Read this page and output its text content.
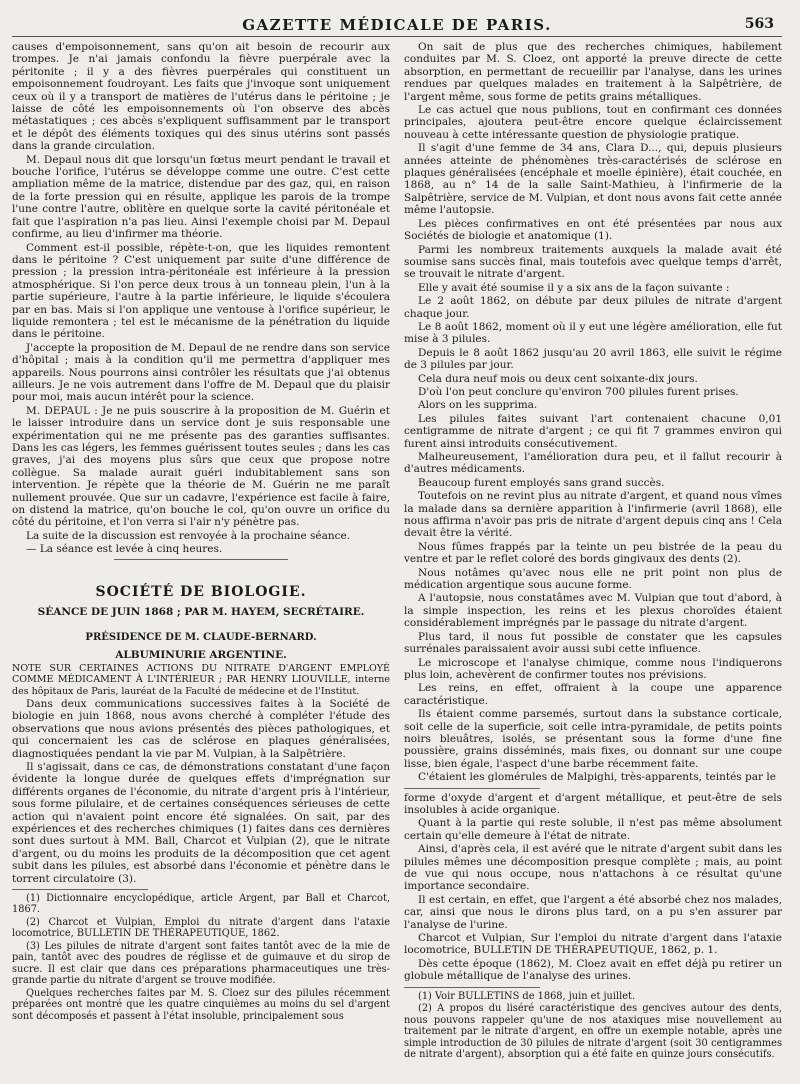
GAZETTE MÉDICALE DE PARIS.	563

causes d'empoisonnement, sans qu'on ait besoin de recourir aux trompes. Je n'ai jamais confondu la fièvre puerpérale avec la péritonite ; il y a des fièvres puerpérales qui constituent un empoisonnement foudroyant. Les faits que j'invoque sont uniquement ceux où il y a transport de matières de l'utérus dans le péritoine ; je laisse de côté les empoisonnements où l'on observe des abcès métastatiques ; ces abcès s'expliquent suffisamment par le transport et le dépôt des éléments toxiques qui des sinus utérins sont passés dans la grande circulation.

M. Depaul nous dit que lorsqu'un fœtus meurt pendant le travail et bouche l'orifice, l'utérus se développe comme une outre. C'est cette ampliation même de la matrice, distendue par des gaz, qui, en raison de la forte pression qui en résulte, applique les parois de la trompe l'une contre l'autre, oblitère en quelque sorte la cavité péritonéale et fait que l'aspiration n'a pas lieu. Ainsi l'exemple choisi par M. Depaul confirme, au lieu d'infirmer ma théorie.

Comment est-il possible, répète-t-on, que les liquides remontent dans le péritoine ? C'est uniquement par suite d'une différence de pression ; la pression intra-péritonéale est inférieure à la pression atmosphérique. Si l'on perce deux trous à un tonneau plein, l'un à la partie supérieure, l'autre à la partie inférieure, le liquide s'écoulera par en bas. Mais si l'on applique une ventouse à l'orifice supérieur, le liquide remontera ; tel est le mécanisme de la pénétration du liquide dans le péritoine.

J'accepte la proposition de M. Depaul de ne rendre dans son service d'hôpital ; mais à la condition qu'il me permettra d'appliquer mes appareils. Nous pourrons ainsi contrôler les résultats que j'ai obtenus ailleurs. Je ne vois autrement dans l'offre de M. Depaul que du plaisir pour moi, mais aucun intérêt pour la science.

M. DEPAUL : Je ne puis souscrire à la proposition de M. Guérin et le laisser introduire dans un service dont je suis responsable une expérimentation qui ne me présente pas des garanties suffisantes. Dans les cas légers, les femmes guérissent toutes seules ; dans les cas graves, j'ai des moyens plus sûrs que ceux que propose notre collègue. Sa malade aurait guéri indubitablement sans son intervention. Je répète que la théorie de M. Guérin ne me paraît nullement prouvée. Que sur un cadavre, l'expérience est facile à faire, on distend la matrice, qu'on bouche le col, qu'on ouvre un orifice du côté du péritoine, et l'on verra si l'air n'y pénètre pas.

La suite de la discussion est renvoyée à la prochaine séance.

— La séance est levée à cinq heures.

SOCIÉTÉ DE BIOLOGIE.
SÉANCE DE JUIN 1868 ; PAR M. HAYEM, SECRÉTAIRE.
PRÉSIDENCE DE M. CLAUDE-BERNARD.
ALBUMINURIE ARGENTINE.

NOTE SUR CERTAINES ACTIONS DU NITRATE D'ARGENT EMPLOYÉ COMME MÉDICAMENT À L'INTÉRIEUR ; PAR HENRY LIOUVILLE, interne des hôpitaux de Paris, lauréat de la Faculté de médecine et de l'Institut.

Dans deux communications successives faites à la Société de biologie en juin 1868, nous avons cherché à compléter l'étude des observations que nous avions présentés des pièces pathologiques, et qui concernaient les cas de sclérose en plaques généralisées, diagnostiquées pendant la vie par M. Vulpian, à la Salpêtrière.

Il s'agissait, dans ce cas, de démonstrations constatant d'une façon évidente la longue durée de quelques effets d'imprégnation sur différents organes de l'économie, du nitrate d'argent pris à l'intérieur, sous forme pilulaire, et de certaines conséquences sérieuses de cette action qui n'avaient point encore été signalées. On sait, par des expériences et des recherches chimiques (1) faites dans ces dernières sont dues surtout à MM. Ball, Charcot et Vulpian (2), que le nitrate d'argent, ou du moins les produits de la décomposition que cet agent subit dans les pilules, est absorbé dans l'économie et pénètre dans le torrent circulatoire (3).

(1) Dictionnaire encyclopédique, article Argent, par Ball et Charcot, 1867.

(2) Charcot et Vulpian, Emploi du nitrate d'argent dans l'ataxie locomotrice, BULLETIN DE THÉRAPEUTIQUE, 1862.

(3) Les pilules de nitrate d'argent sont faites tantôt avec de la mie de pain, tantôt avec des poudres de réglisse et de guimauve et du sirop de sucre. Il est clair que dans ces préparations pharmaceutiques une très-grande partie du nitrate d'argent se trouve modifiée.

Quelques recherches faites par M. S. Cloez sur des pilules récemment préparées ont montré que les quatre cinquièmes au moins du sel d'argent sont décomposés et passent à l'état insoluble, principalement sous

On sait de plus que des recherches chimiques, habilement conduites par M. S. Cloez, ont apporté la preuve directe de cette absorption, en permettant de recueillir par l'analyse, dans les urines rendues par quelques malades en traitement à la Salpêtrière, de l'argent même, sous forme de petits grains métalliques.

Le cas actuel que nous publions, tout en confirmant ces données principales, ajoutera peut-être encore quelque éclaircissement nouveau à cette intéressante question de physiologie pratique.

Il s'agit d'une femme de 34 ans, Clara D..., qui, depuis plusieurs années atteinte de phénomènes très-caractérisés de sclérose en plaques généralisées (encéphale et moelle épinière), était couchée, en 1868, au n° 14 de la salle Saint-Mathieu, à l'infirmerie de la Salpêtrière, service de M. Vulpian, et dont nous avons fait cette année même l'autopsie.

Les pièces confirmatives en ont été présentées par nous aux Sociétés de biologie et anatomique (1).

Parmi les nombreux traitements auxquels la malade avait été soumise sans succès final, mais toutefois avec quelque temps d'arrêt, se trouvait le nitrate d'argent.

Elle y avait été soumise il y a six ans de la façon suivante :

Le 2 août 1862, on débute par deux pilules de nitrate d'argent chaque jour.

Le 8 août 1862, moment où il y eut une légère amélioration, elle fut mise à 3 pilules.

Depuis le 8 août 1862 jusqu'au 20 avril 1863, elle suivit le régime de 3 pilules par jour.

Cela dura neuf mois ou deux cent soixante-dix jours.

D'où l'on peut conclure qu'environ 700 pilules furent prises.

Alors on les supprima.

Les pilules faites suivant l'art contenaient chacune 0,01 centigramme de nitrate d'argent ; ce qui fit 7 grammes environ qui furent ainsi introduits consécutivement.

Malheureusement, l'amélioration dura peu, et il fallut recourir à d'autres médicaments.

Beaucoup furent employés sans grand succès.

Toutefois on ne revint plus au nitrate d'argent, et quand nous vîmes la malade dans sa dernière apparition à l'infirmerie (avril 1868), elle nous affirma n'avoir pas pris de nitrate d'argent depuis cinq ans ! Cela devait être la vérité.

Nous fûmes frappés par la teinte un peu bistrée de la peau du ventre et par le reflet coloré des bords gingivaux des dents (2).

Nous notâmes qu'avec nous elle ne prit point non plus de médication argentique sous aucune forme.

A l'autopsie, nous constatâmes avec M. Vulpian que tout d'abord, à la simple inspection, les reins et les plexus choroïdes étaient considérablement imprégnés par le passage du nitrate d'argent.

Plus tard, il nous fut possible de constater que les capsules surrénales paraissaient avoir aussi subi cette influence.

Le microscope et l'analyse chimique, comme nous l'indiquerons plus loin, achevèrent de confirmer toutes nos prévisions.

Les reins, en effet, offraient à la coupe une apparence caractéristique.

Ils étaient comme parsemés, surtout dans la substance corticale, soit celle de la superficie, soit celle intra-pyramidale, de petits points noirs bleuâtres, isolés, se présentant sous la forme d'une fine poussière, grains disséminés, mais fixes, ou donnant sur une coupe lisse, bien égale, l'aspect d'une barbe récemment faite.

C'étaient les glomérules de Malpighi, très-apparents, teintés par le

forme d'oxyde d'argent et d'argent métallique, et peut-être de sels insolubles à acide organique.

Quant à la partie qui reste soluble, il n'est pas même absolument certain qu'elle demeure à l'état de nitrate.

Ainsi, d'après cela, il est avéré que le nitrate d'argent subit dans les pilules mêmes une décomposition presque complète ; mais, au point de vue qui nous occupe, nous n'attachons à ce résultat qu'une importance secondaire.

Il est certain, en effet, que l'argent a été absorbé chez nos malades, car, ainsi que nous le dirons plus tard, on a pu s'en assurer par l'analyse de l'urine.

Charcot et Vulpian, Sur l'emploi du nitrate d'argent dans l'ataxie locomotrice, BULLETIN DE THÉRAPEUTIQUE, 1862, p. 1.

Dès cette époque (1862), M. Cloez avait en effet déjà pu retirer un globule métallique de l'analyse des urines.

(1) Voir BULLETINS de 1868, juin et juillet.

(2) A propos du liséré caractéristique des gencives autour des dents, nous pouvons rappeler qu'une de nos ataxiques mise nouvellement au traitement par le nitrate d'argent, en offre un exemple notable, après une simple introduction de 30 pilules de nitrate d'argent (soit 30 centigrammes de nitrate d'argent), absorption qui a été faite en quinze jours consécutifs.
